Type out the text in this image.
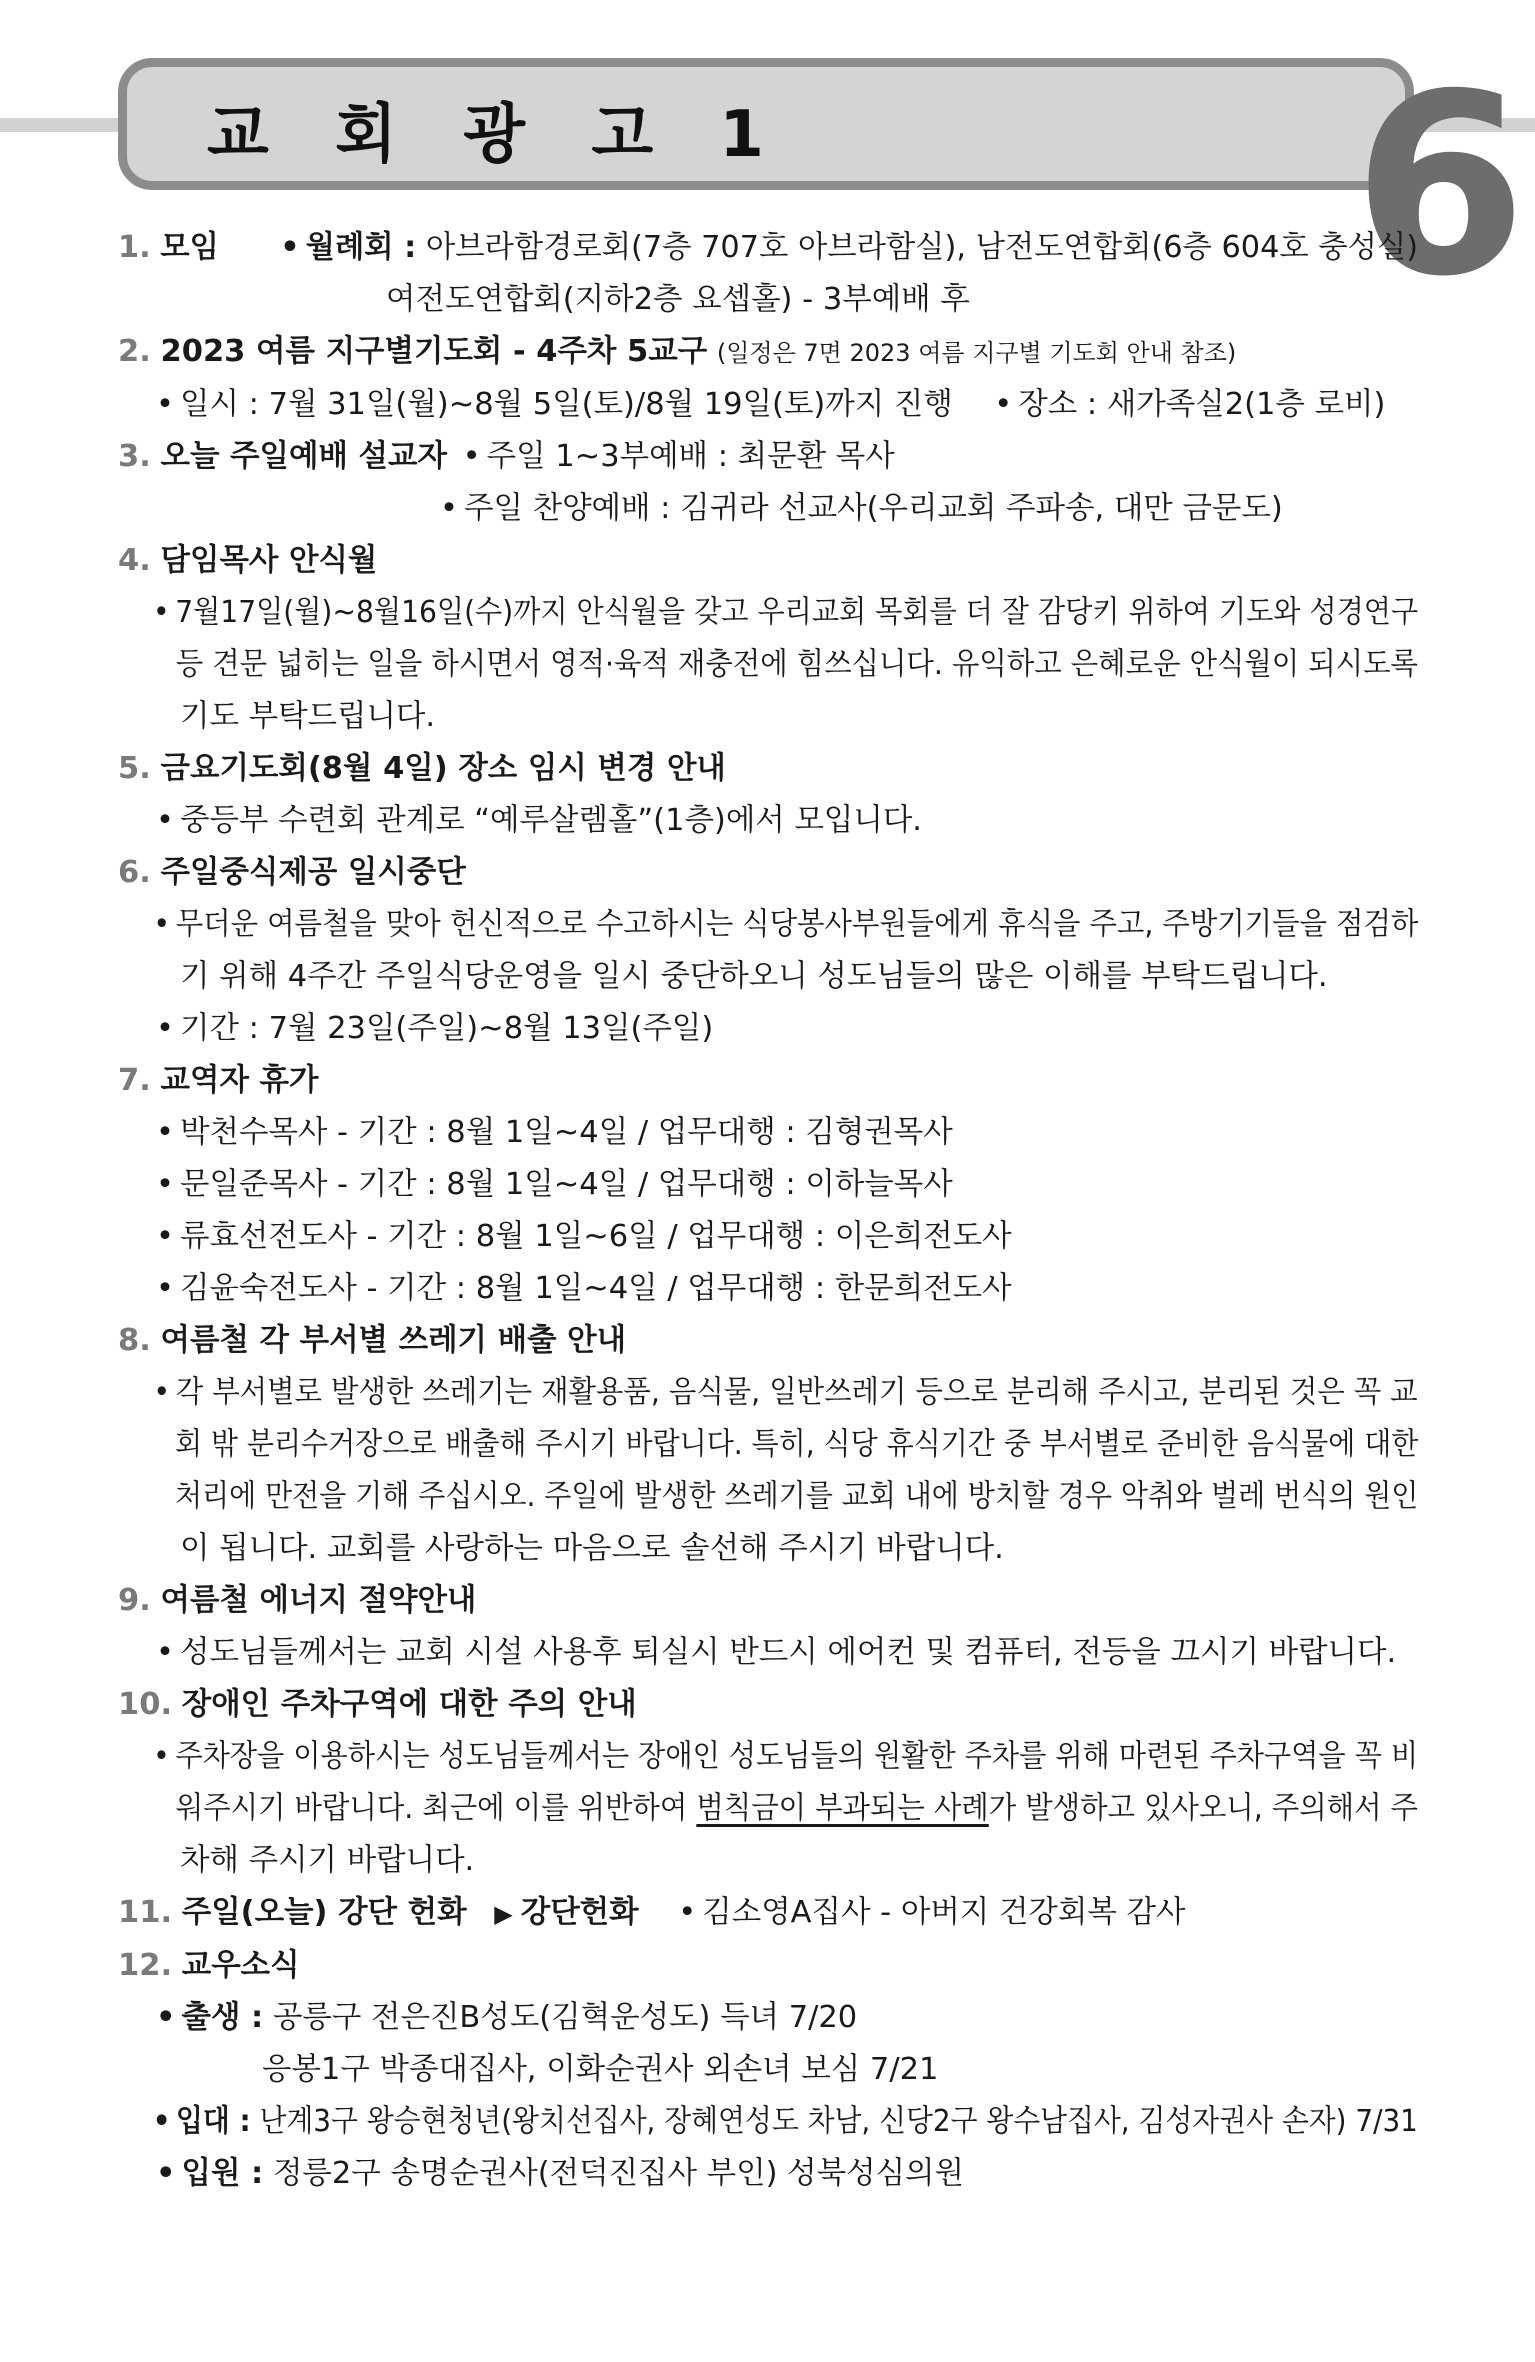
교 회 광 고 1 6
1. 모임	• 월례회 : 아브라함경로회(7층 707호 아브라함실), 남전도연합회(6층 604호 충성실)
여전도연합회(지하2층 요셉홀) - 3부예배 후
2. 2023 여름 지구별기도회 - 4주차 5교구 (일정은 7면 2023 여름 지구별 기도회 안내 참조)
• 일시 : 7월 31일(월)~8월 5일(토)/8월 19일(토)까지 진행 • 장소 : 새가족실2(1층 로비)
3. 오늘 주일예배 설교자 • 주일 1~3부예배 : 최문환 목사
• 주일 찬양예배 : 김귀라 선교사(우리교회 주파송, 대만 금문도)
4. 담임목사 안식월
• 7월17일(월)~8월16일(수)까지 안식월을 갖고 우리교회 목회를 더 잘 감당키 위하여 기도와 성경연구
등 견문 넓히는 일을 하시면서 영적·육적 재충전에 힘쓰십니다. 유익하고 은혜로운 안식월이 되시도록
기도 부탁드립니다.
5. 금요기도회(8월 4일) 장소 임시 변경 안내
• 중등부 수련회 관계로 “예루살렘홀”(1층)에서 모입니다.
6. 주일중식제공 일시중단
• 무더운 여름철을 맞아 헌신적으로 수고하시는 식당봉사부원들에게 휴식을 주고, 주방기기들을 점검하
기 위해 4주간 주일식당운영을 일시 중단하오니 성도님들의 많은 이해를 부탁드립니다.
• 기간 : 7월 23일(주일)~8월 13일(주일)
7. 교역자 휴가
• 박천수목사 - 기간 : 8월 1일~4일 / 업무대행 : 김형권목사
• 문일준목사 - 기간 : 8월 1일~4일 / 업무대행 : 이하늘목사
• 류효선전도사 - 기간 : 8월 1일~6일 / 업무대행 : 이은희전도사
• 김윤숙전도사 - 기간 : 8월 1일~4일 / 업무대행 : 한문희전도사
8. 여름철 각 부서별 쓰레기 배출 안내
• 각 부서별로 발생한 쓰레기는 재활용품, 음식물, 일반쓰레기 등으로 분리해 주시고, 분리된 것은 꼭 교
회 밖 분리수거장으로 배출해 주시기 바랍니다. 특히, 식당 휴식기간 중 부서별로 준비한 음식물에 대한
처리에 만전을 기해 주십시오. 주일에 발생한 쓰레기를 교회 내에 방치할 경우 악취와 벌레 번식의 원인
이 됩니다. 교회를 사랑하는 마음으로 솔선해 주시기 바랍니다.
9. 여름철 에너지 절약안내
• 성도님들께서는 교회 시설 사용후 퇴실시 반드시 에어컨 및 컴퓨터, 전등을 끄시기 바랍니다.
10. 장애인 주차구역에 대한 주의 안내
• 주차장을 이용하시는 성도님들께서는 장애인 성도님들의 원활한 주차를 위해 마련된 주차구역을 꼭 비
워주시기 바랍니다. 최근에 이를 위반하여 범칙금이 부과되는 사례가 발생하고 있사오니, 주의해서 주
차해 주시기 바랍니다.
11. 주일(오늘) 강단 헌화 ▶ 강단헌화 • 김소영A집사 - 아버지 건강회복 감사
12. 교우소식
• 출생 : 공릉구 전은진B성도(김혁운성도) 득녀 7/20
응봉1구 박종대집사, 이화순권사 외손녀 보심 7/21
• 입대 : 난계3구 왕승현청년(왕치선집사, 장혜연성도 차남, 신당2구 왕수남집사, 김성자권사 손자) 7/31
• 입원 : 정릉2구 송명순권사(전덕진집사 부인) 성북성심의원
